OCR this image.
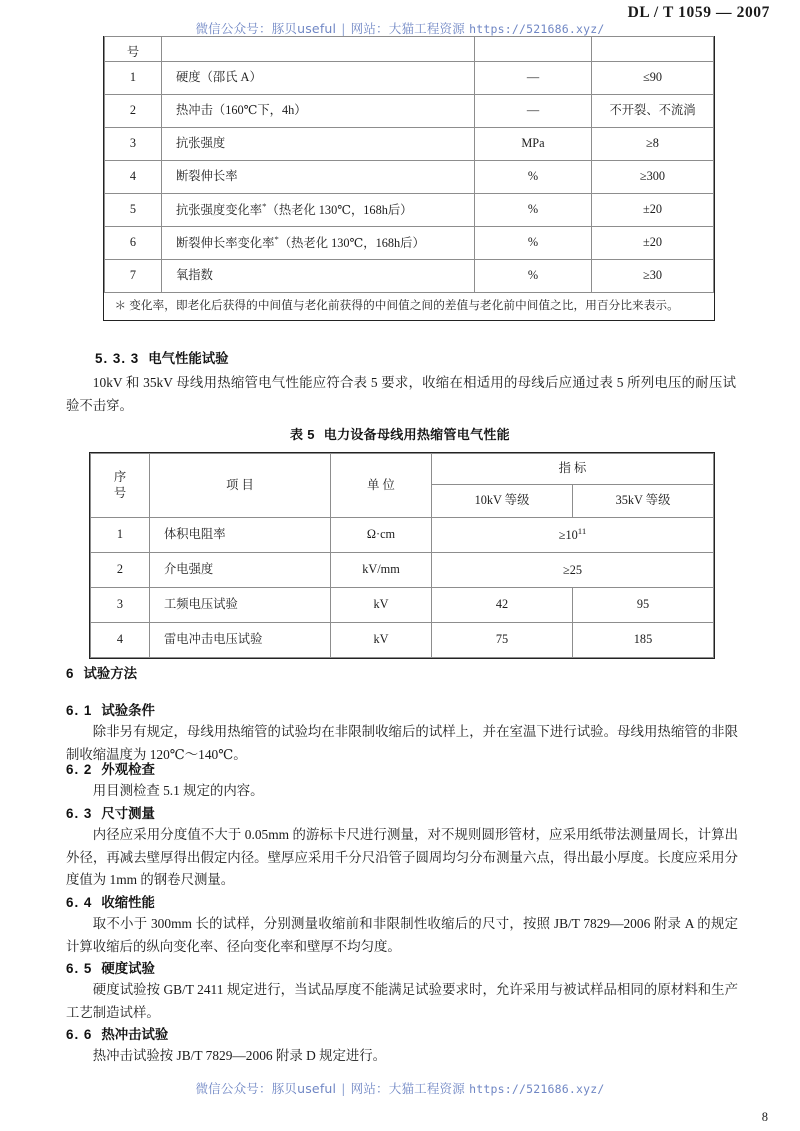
DL / T 1059 — 2007
微信公众号：豚贝useful | 网站：大猫工程资源 https://521686.xyz/
号			
1	硬度（邵氏 A）	—	≤90
2	热冲击（160℃下，4h）	—	不开裂、不流淌
3	抗张强度	MPa	≥8
4	断裂伸长率	%	≥300
5	抗张强度变化率*（热老化 130℃，168h后）	%	±20
6	断裂伸长率变化率*（热老化 130℃，168h后）	%	±20
7	氧指数	%	≥30
＊ 变化率，即老化后获得的中间值与老化前获得的中间值之间的差值与老化前中间值之比，用百分比来表示。			
5. 3. 3 电气性能试验
10kV 和 35kV 母线用热缩管电气性能应符合表 5 要求，收缩在相适用的母线后应通过表 5 所列电压的耐压试验不击穿。
表 5 电力设备母线用热缩管电气性能
序
号	项 目	单 位	指 标	
			10kV 等级	35kV 等级
1	体积电阻率	Ω·cm	$\ge 10^{11}$
2	介电强度	kV/mm	≥25	
3	工频电压试验	kV	42	95
4	雷电冲击电压试验	kV	75	185
6 试验方法
6. 1 试验条件
除非另有规定，母线用热缩管的试验均在非限制收缩后的试样上，并在室温下进行试验。母线用热缩管的非限制收缩温度为 120℃～140℃。
6. 2 外观检查
用目测检查 5.1 规定的内容。
6. 3 尺寸测量
内径应采用分度值不大于 0.05mm 的游标卡尺进行测量，对不规则圆形管材，应采用纸带法测量周长，计算出外径，再减去壁厚得出假定内径。壁厚应采用千分尺沿管子圆周均匀分布测量六点，得出最小厚度。长度应采用分度值为 1mm 的钢卷尺测量。
6. 4 收缩性能
取不小于 300mm 长的试样，分别测量收缩前和非限制性收缩后的尺寸，按照 JB/T 7829—2006 附录 A 的规定计算收缩后的纵向变化率、径向变化率和壁厚不均匀度。
6. 5 硬度试验
硬度试验按 GB/T 2411 规定进行，当试品厚度不能满足试验要求时，允许采用与被试样品相同的原材料和生产工艺制造试样。
6. 6 热冲击试验
热冲击试验按 JB/T 7829—2006 附录 D 规定进行。
微信公众号：豚贝useful | 网站：大猫工程资源 https://521686.xyz/
8
